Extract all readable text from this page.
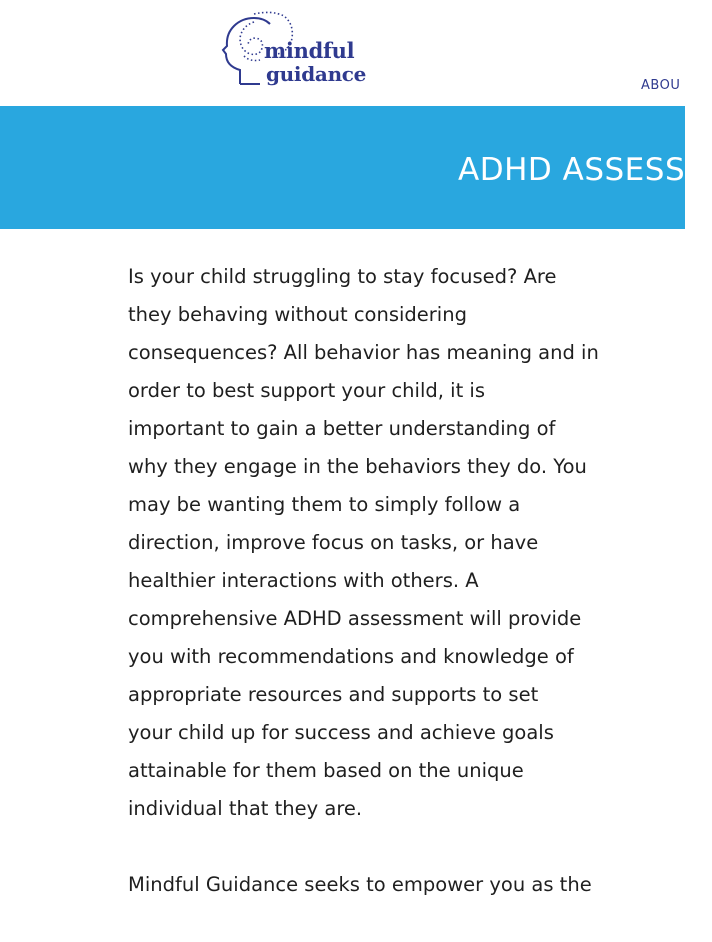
mindful
guidance	ABOU
ADHD ASSESSM

Is your child struggling to stay focused? Are
they behaving without considering
consequences? All behavior has meaning and in
order to best support your child, it is
important to gain a better understanding of
why they engage in the behaviors they do. You
may be wanting them to simply follow a
direction, improve focus on tasks, or have
healthier interactions with others. A
comprehensive ADHD assessment will provide
you with recommendations and knowledge of
appropriate resources and supports to set
your child up for success and achieve goals
attainable for them based on the unique
individual that they are.

Mindful Guidance seeks to empower you as the
